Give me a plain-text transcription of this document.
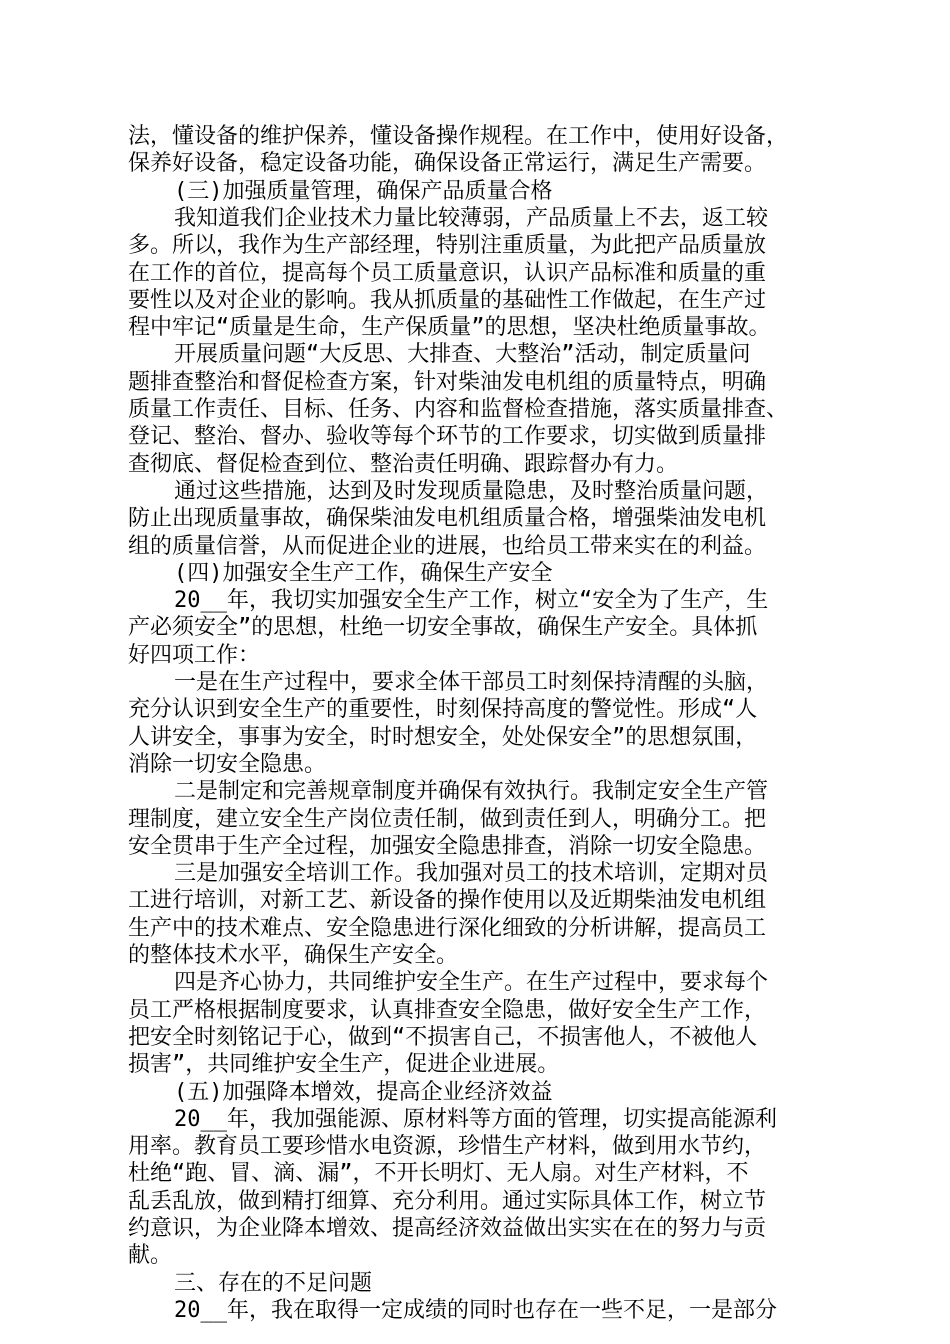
法，懂设备的维护保养，懂设备操作规程。在工作中，使用好设备，
保养好设备，稳定设备功能，确保设备正常运行，满足生产需要。
(三)加强质量管理，确保产品质量合格
我知道我们企业技术力量比较薄弱，产品质量上不去，返工较
多。所以，我作为生产部经理，特别注重质量，为此把产品质量放
在工作的首位，提高每个员工质量意识，认识产品标准和质量的重
要性以及对企业的影响。我从抓质量的基础性工作做起，在生产过
程中牢记“质量是生命，生产保质量”的思想，坚决杜绝质量事故。
开展质量问题“大反思、大排查、大整治”活动，制定质量问
题排查整治和督促检查方案，针对柴油发电机组的质量特点，明确
质量工作责任、目标、任务、内容和监督检查措施，落实质量排查、
登记、整治、督办、验收等每个环节的工作要求，切实做到质量排
查彻底、督促检查到位、整治责任明确、跟踪督办有力。
通过这些措施，达到及时发现质量隐患，及时整治质量问题，
防止出现质量事故，确保柴油发电机组质量合格，增强柴油发电机
组的质量信誉，从而促进企业的进展，也给员工带来实在的利益。
(四)加强安全生产工作，确保生产安全
20__年，我切实加强安全生产工作，树立“安全为了生产，生
产必须安全”的思想，杜绝一切安全事故，确保生产安全。具体抓
好四项工作：
一是在生产过程中，要求全体干部员工时刻保持清醒的头脑，
充分认识到安全生产的重要性，时刻保持高度的警觉性。形成“人
人讲安全，事事为安全，时时想安全，处处保安全”的思想氛围，
消除一切安全隐患。
二是制定和完善规章制度并确保有效执行。我制定安全生产管
理制度，建立安全生产岗位责任制，做到责任到人，明确分工。把
安全贯串于生产全过程，加强安全隐患排查，消除一切安全隐患。
三是加强安全培训工作。我加强对员工的技术培训，定期对员
工进行培训，对新工艺、新设备的操作使用以及近期柴油发电机组
生产中的技术难点、安全隐患进行深化细致的分析讲解，提高员工
的整体技术水平，确保生产安全。
四是齐心协力，共同维护安全生产。在生产过程中，要求每个
员工严格根据制度要求，认真排查安全隐患，做好安全生产工作，
把安全时刻铭记于心，做到“不损害自己，不损害他人，不被他人
损害”，共同维护安全生产，促进企业进展。
(五)加强降本增效，提高企业经济效益
20__年，我加强能源、原材料等方面的管理，切实提高能源利
用率。教育员工要珍惜水电资源，珍惜生产材料，做到用水节约，
杜绝“跑、冒、滴、漏”，不开长明灯、无人扇。对生产材料，不
乱丢乱放，做到精打细算、充分利用。通过实际具体工作，树立节
约意识，为企业降本增效、提高经济效益做出实实在在的努力与贡
献。
三、存在的不足问题
20__年，我在取得一定成绩的同时也存在一些不足，一是部分
